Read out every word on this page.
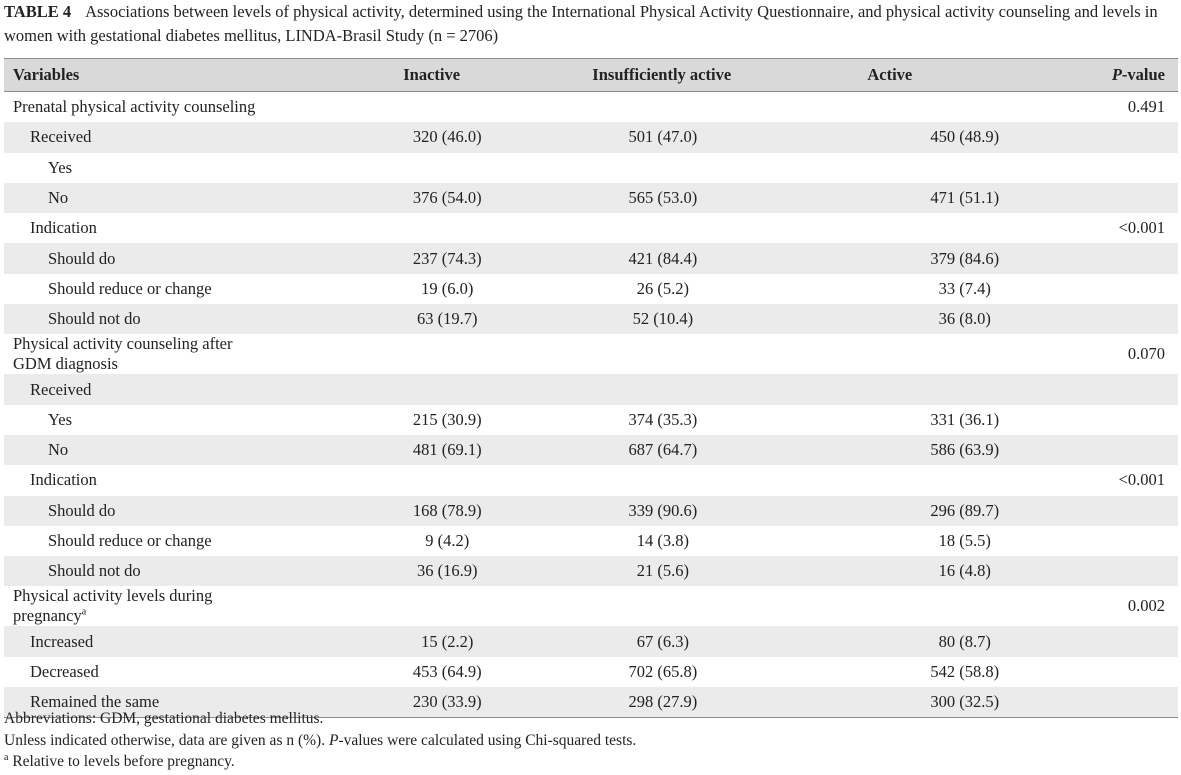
TABLE 4 Associations between levels of physical activity, determined using the International Physical Activity Questionnaire, and physical activity counseling and levels in women with gestational diabetes mellitus, LINDA-Brasil Study (n = 2706)
Variables	Inactive	Insufficiently active	Active	P-value
Prenatal physical activity counseling				0.491
Received	320 (46.0)	501 (47.0)	450 (48.9)	
Yes				
No	376 (54.0)	565 (53.0)	471 (51.1)	
Indication				<0.001
Should do	237 (74.3)	421 (84.4)	379 (84.6)	
Should reduce or change	19 (6.0)	26 (5.2)	33 (7.4)	
Should not do	63 (19.7)	52 (10.4)	36 (8.0)	
Physical activity counseling after GDM diagnosis				0.070
Received				
Yes	215 (30.9)	374 (35.3)	331 (36.1)	
No	481 (69.1)	687 (64.7)	586 (63.9)	
Indication				<0.001
Should do	168 (78.9)	339 (90.6)	296 (89.7)	
Should reduce or change	9 (4.2)	14 (3.8)	18 (5.5)	
Should not do	36 (16.9)	21 (5.6)	16 (4.8)	
Physical activity levels during pregnancy$^a$				0.002
Increased	15 (2.2)	67 (6.3)	80 (8.7)	
Decreased	453 (64.9)	702 (65.8)	542 (58.8)	
Remained the same	230 (33.9)	298 (27.9)	300 (32.5)	

Abbreviations: GDM, gestational diabetes mellitus.

Unless indicated otherwise, data are given as n (%). P-values were calculated using Chi-squared tests.

$^a$ Relative to levels before pregnancy.
